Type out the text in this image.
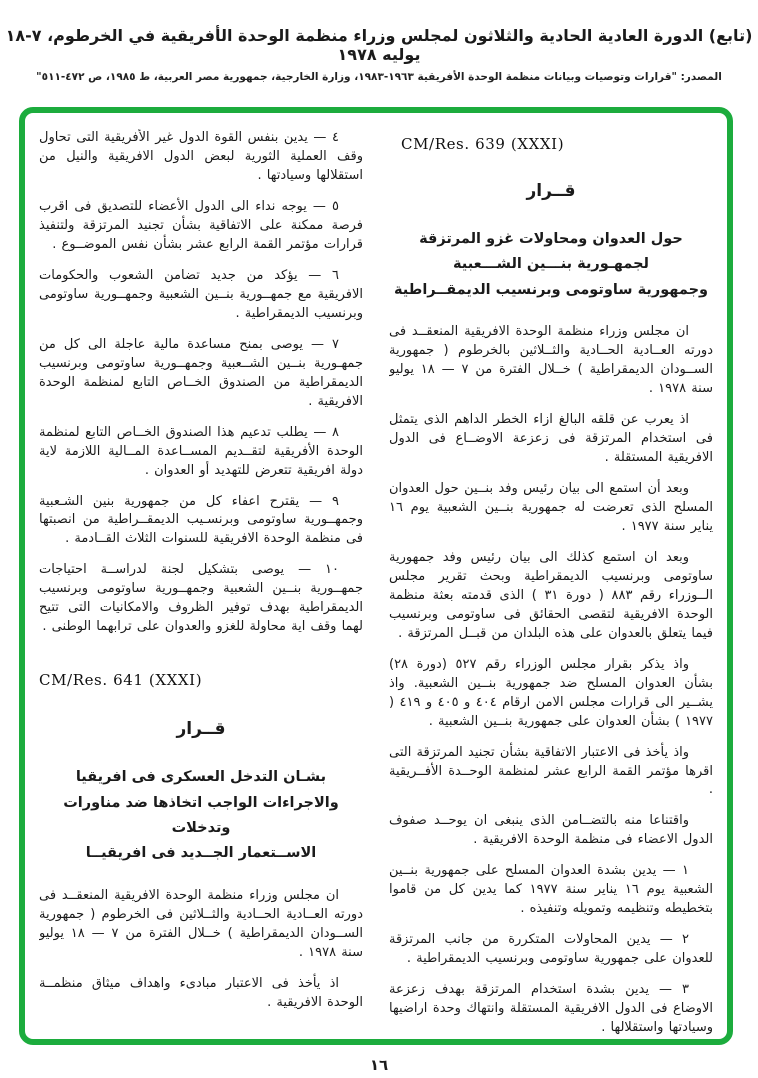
(تابع) الدورة العادية الحادية والثلاثون لمجلس وزراء منظمة الوحدة الأفريقية في الخرطوم، ٧-١٨ يوليه ١٩٧٨
المصدر: "قرارات وتوصيات وبيانات منظمة الوحدة الأفريقية ١٩٦٣-١٩٨٣، وزارة الخارجية، جمهورية مصر العربية، ط ١٩٨٥، ص ٤٧٢-٥١١"
CM/Res. 639 (XXXI)
قــرار
حول العدوان ومحاولات غزو المرتزقة
لجمهـورية بنـــين الشـــعبية
وجمهورية ساوتومى وبرنسيب الديمقــراطية

ان مجلس وزراء منظمة الوحدة الافريقية المنعقــد فى دورته العــادية الحــادية والثــلاثين بالخرطوم ( جمهورية الســودان الديمقراطية ) خــلال الفترة من ٧ — ١٨ يوليو سنة ١٩٧٨ .

اذ يعرب عن قلقه البالغ ازاء الخطر الداهم الذى يتمثل فى استخدام المرتزقة فى زعزعة الاوضــاع فى الدول الافريقية المستقلة .

وبعد أن استمع الى بيان رئيس وفد بنــين حول العدوان المسلح الذى تعرضت له جمهورية بنــين الشعبية يوم ١٦ يناير سنة ١٩٧٧ .

وبعد ان استمع كذلك الى بيان رئيس وفد جمهورية ساوتومى وبرنسيب الديمقراطية وبحث تقرير مجلس الــوزراء رقم ٨٨٣ ( دورة ٣١ ) الذى قدمته بعثة منظمة الوحدة الافريقية لتقصى الحقائق فى ساوتومى وبرنسيب فيما يتعلق بالعدوان على هذه البلدان من قبــل المرتزقة .

واذ يذكر بقرار مجلس الوزراء رقم ٥٢٧ (دورة ٢٨) بشأن العدوان المسلح ضد جمهورية بنــين الشعبية. واذ يشــير الى قرارات مجلس الامن ارقام ٤٠٤ و ٤٠٥ و ٤١٩ ( ١٩٧٧ ) بشأن العدوان على جمهورية بنــين الشعبية .

واذ يأخذ فى الاعتبار الاتفاقية بشأن تجنيد المرتزقة التى اقرها مؤتمر القمة الرابع عشر لمنظمة الوحــدة الأفــريقية .

واقتناعا منه بالتضــامن الذى ينبغى ان يوحــد صفوف الدول الاعضاء فى منظمة الوحدة الافريقية .

١ — يدين بشدة العدوان المسلح على جمهورية بنــين الشعبية يوم ١٦ يناير سنة ١٩٧٧ كما يدين كل من قاموا بتخطيطه وتنظيمه وتمويله وتنفيذه .

٢ — يدين المحاولات المتكررة من جانب المرتزقة للعدوان على جمهورية ساوتومى وبرنسيب الديمقراطية .

٣ — يدين بشدة استخدام المرتزقة بهدف زعزعة الاوضاع فى الدول الافريقية المستقلة وانتهاك وحدة اراضيها وسيادتها واستقلالها .

٤ — يدين بنفس القوة الدول غير الأفريقية التى تحاول وقف العملية الثورية لبعض الدول الافريقية والنيل من استقلالها وسيادتها .

٥ — يوجه نداء الى الدول الأعضاء للتصديق فى اقرب فرصة ممكنة على الاتفاقية بشأن تجنيد المرتزقة ولتنفيذ قرارات مؤتمر القمة الرابع عشر بشأن نفس الموضــوع .

٦ — يؤكد من جديد تضامن الشعوب والحكومات الافريقية مع جمهــورية بنــين الشعبية وجمهــورية ساوتومى وبرنسيب الديمقراطية .

٧ — يوصى بمنح مساعدة مالية عاجلة الى كل من جمهـورية بنــين الشــعبية وجمهــورية ساوتومى وبرنسيب الديمقراطية من الصندوق الخــاص التابع لمنظمة الوحدة الافريقية .

٨ — يطلب تدعيم هذا الصندوق الخــاص التابع لمنظمة الوحدة الأفريقية لتقــديم المســاعدة المــالية اللازمة لاية دولة افريقية تتعرض للتهديد أو العدوان .

٩ — يقترح اعفاء كل من جمهورية بنين الشـعبية وجمهــورية ساوتومى وبرنسـيب الديمقــراطية من انصبتها فى منظمة الوحدة الافريقية للسنوات الثلاث القــادمة .

١٠ — يوصى بتشكيل لجنة لدراســة احتياجات جمهــورية بنــين الشعبية وجمهــورية ساوتومى وبرنسيب الديمقراطية بهدف توفير الظروف والامكانيات التى تتيح لهما وقف اية محاولة للغزو والعدوان على ترابهما الوطنى .

CM/Res. 641 (XXXI)
قــرار
بشـان التدخل العسكرى فى افريقيا
والاجراءات الواجب اتخاذها ضد مناورات وتدخلات
الاســتعمار الجــديد فى افريقيــا

ان مجلس وزراء منظمة الوحدة الافريقية المنعقــد فى دورته العــادية الحــادية والثــلاثين فى الخرطوم ( جمهورية الســودان الديمقراطية ) خــلال الفترة من ٧ — ١٨ يوليو سنة ١٩٧٨ .

اذ يأخذ فى الاعتبار مبادىء واهداف ميثاق منظمــة الوحدة الافريقية .

١٦
